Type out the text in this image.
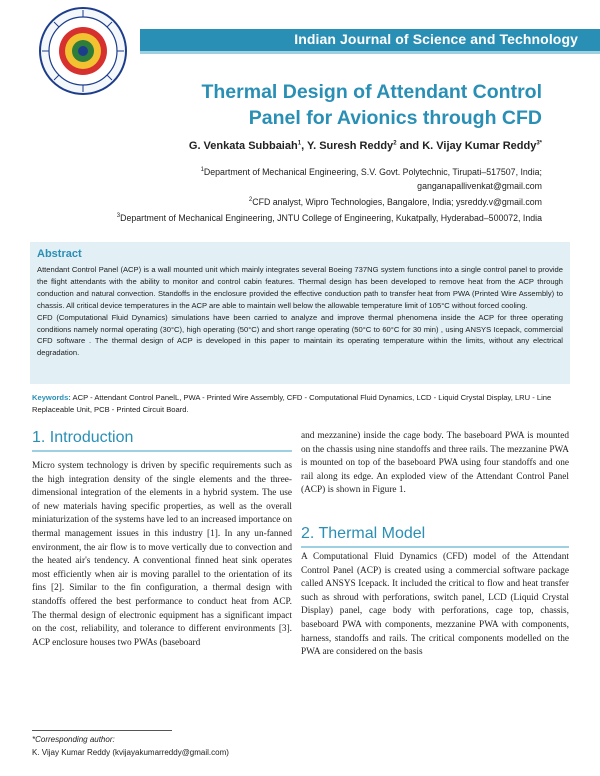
Indian Journal of Science and Technology
Thermal Design of Attendant Control
Panel for Avionics through CFD
G. Venkata Subbaiah$^1$, Y. Suresh Reddy$^2$ and K. Vijay Kumar Reddy$^{3*}$
$^1$Department of Mechanical Engineering, S.V. Govt. Polytechnic, Tirupati–517507, India;
ganganapallivenkat@gmail.com
$^2$CFD analyst, Wipro Technologies, Bangalore, India; ysreddy.v@gmail.com
$^3$Department of Mechanical Engineering, JNTU College of Engineering, Kukatpally, Hyderabad–500072, India
Abstract
Attendant Control Panel (ACP) is a wall mounted unit which mainly integrates several Boeing 737NG system functions into a single control panel to provide the flight attendants with the ability to monitor and control cabin features. Thermal design has been developed to remove heat from the ACP through conduction and natural convection. Standoffs in the enclosure provided the effective conduction path to transfer heat from PWA (Printed Wire Assembly) to chassis. All critical device temperatures in the ACP are able to maintain well below the allowable temperature limit of 105°C without forced cooling.
CFD (Computational Fluid Dynamics) simulations have been carried to analyze and improve thermal phenomena inside the ACP for three operating conditions namely normal operating (30°C), high operating (50°C) and short range operating (50°C to 60°C for 30 min) , using ANSYS Icepack, commercial CFD software . The thermal design of ACP is developed in this paper to maintain its operating temperature within the limits, without any electrical degradation.
Keywords: ACP - Attendant Control PanelL, PWA - Printed Wire Assembly, CFD - Computational Fluid Dynamics, LCD - Liquid Crystal Display, LRU - Line Replaceable Unit, PCB - Printed Circuit Board.
1. Introduction
Micro system technology is driven by specific requirements such as the high integration density of the single elements and the three-dimensional integration of the elements in a hybrid system. The use of new materials having specific properties, as well as the overall miniaturization of the systems have led to an increased importance on thermal management issues in this industry [1]. In any un-fanned environment, the air flow is to move vertically due to convection and the heated air's tendency. A conventional finned heat sink operates most efficiently when air is moving parallel to the orientation of its fins [2]. Similar to the fin configuration, a thermal design with standoffs offered the best performance to conduct heat from ACP. The thermal design of electronic equipment has a significant impact on the cost, reliability, and tolerance to different environments [3]. ACP enclosure houses two PWAs (baseboard
and mezzanine) inside the cage body. The baseboard PWA is mounted on the chassis using nine standoffs and three rails. The mezzanine PWA is mounted on top of the baseboard PWA using four standoffs and one rail along its edge. An exploded view of the Attendant Control Panel (ACP) is shown in Figure 1.
2. Thermal Model
A Computational Fluid Dynamics (CFD) model of the Attendant Control Panel (ACP) is created using a commercial software package called ANSYS Icepack. It included the critical to flow and heat transfer such as shroud with perforations, switch panel, LCD (Liquid Crystal Display) panel, cage body with perforations, cage top, chassis, baseboard PWA with components, mezzanine PWA with components, harness, standoffs and rails. The critical components modelled on the PWA are considered on the basis
*Corresponding author:
K. Vijay Kumar Reddy (kvijayakumarreddy@gmail.com)
